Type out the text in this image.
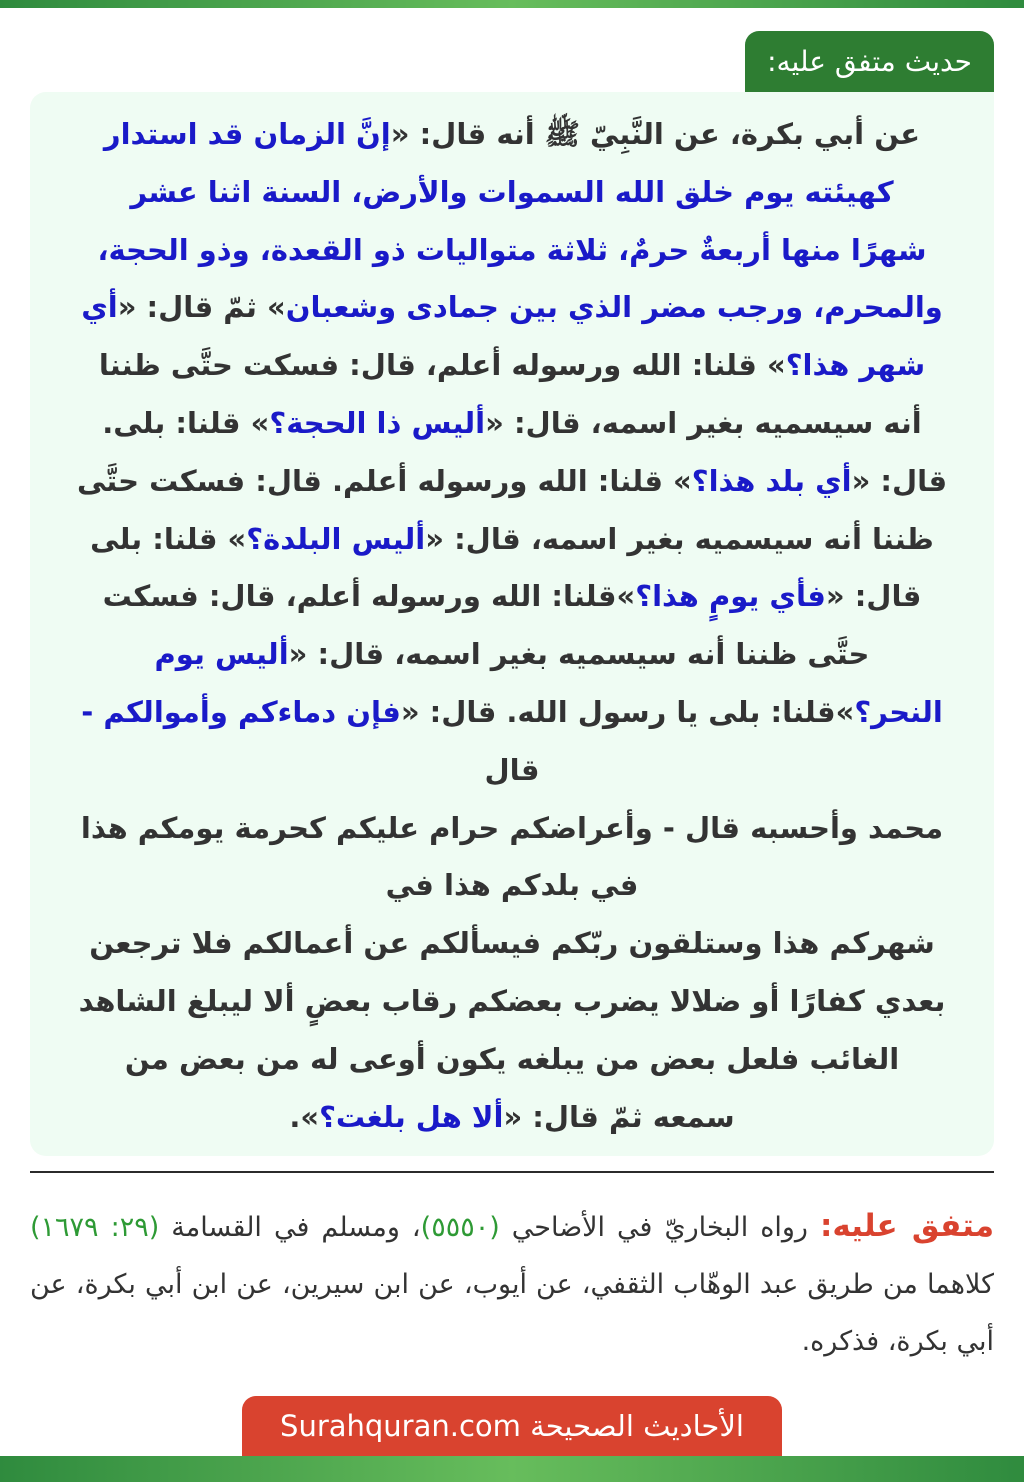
حديث متفق عليه:
عن أبي بكرة، عن النَّبِيّ ﷺ أنه قال: «إنَّ الزمان قد استدار
كهيئته يوم خلق الله السموات والأرض، السنة اثنا عشر
شهرًا منها أربعةٌ حرمٌ، ثلاثة متواليات ذو القعدة، وذو الحجة،
والمحرم، ورجب مضر الذي بين جمادى وشعبان» ثمّ قال: «أي
شهر هذا؟» قلنا: الله ورسوله أعلم، قال: فسكت حتَّى ظننا
أنه سيسميه بغير اسمه، قال: «أليس ذا الحجة؟» قلنا: بلى.
قال: «أي بلد هذا؟» قلنا: الله ورسوله أعلم. قال: فسكت حتَّى
ظننا أنه سيسميه بغير اسمه، قال: «أليس البلدة؟» قلنا: بلى
قال: «فأي يومٍ هذا؟»قلنا: الله ورسوله أعلم، قال: فسكت
حتَّى ظننا أنه سيسميه بغير اسمه، قال: «أليس يوم
النحر؟»قلنا: بلى يا رسول الله. قال: «فإن دماءكم وأموالكم -
قال
محمد وأحسبه قال - وأعراضكم حرام عليكم كحرمة يومكم هذا
في بلدكم هذا في
شهركم هذا وستلقون ربّكم فيسألكم عن أعمالكم فلا ترجعن
بعدي كفارًا أو ضلالا يضرب بعضكم رقاب بعضٍ ألا ليبلغ الشاهد
الغائب فلعل بعض من يبلغه يكون أوعى له من بعض من
سمعه ثمّ قال: «ألا هل بلغت؟».

متفق عليه: رواه البخاريّ في الأضاحي (٥٥٥٠)، ومسلم في القسامة (٢٩: ١٦٧٩) كلاهما من طريق عبد الوهّاب الثقفي، عن أيوب، عن ابن سيرين، عن ابن أبي بكرة، عن أبي بكرة، فذكره.

الأحاديث الصحيحة Surahquran.com
